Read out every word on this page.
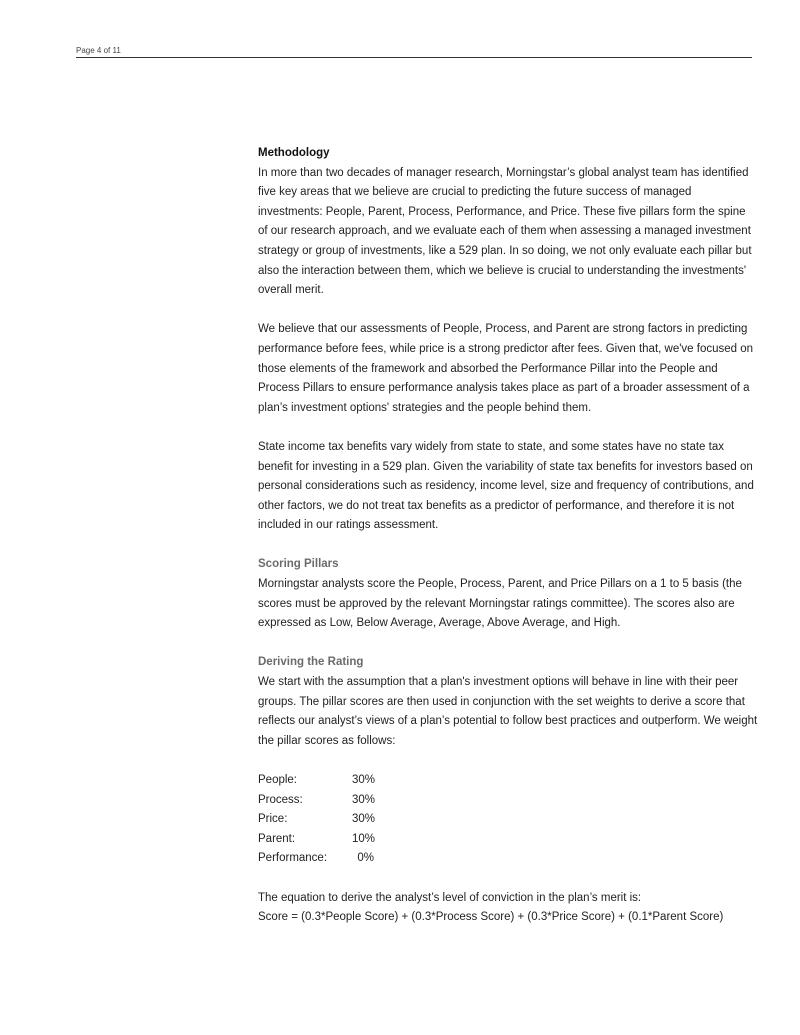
Page 4 of 11
Methodology

In more than two decades of manager research, Morningstar’s global analyst team has identified five key areas that we believe are crucial to predicting the future success of managed investments: People, Parent, Process, Performance, and Price. These five pillars form the spine of our research approach, and we evaluate each of them when assessing a managed investment strategy or group of investments, like a 529 plan. In so doing, we not only evaluate each pillar but also the interaction between them, which we believe is crucial to understanding the investments' overall merit.

We believe that our assessments of People, Process, and Parent are strong factors in predicting performance before fees, while price is a strong predictor after fees. Given that, we've focused on those elements of the framework and absorbed the Performance Pillar into the People and Process Pillars to ensure performance analysis takes place as part of a broader assessment of a plan’s investment options' strategies and the people behind them.

State income tax benefits vary widely from state to state, and some states have no state tax benefit for investing in a 529 plan. Given the variability of state tax benefits for investors based on personal considerations such as residency, income level, size and frequency of contributions, and other factors, we do not treat tax benefits as a predictor of performance, and therefore it is not included in our ratings assessment.

Scoring Pillars

Morningstar analysts score the People, Process, Parent, and Price Pillars on a 1 to 5 basis (the scores must be approved by the relevant Morningstar ratings committee). The scores also are expressed as Low, Below Average, Average, Above Average, and High.

Deriving the Rating

We start with the assumption that a plan's investment options will behave in line with their peer groups. The pillar scores are then used in conjunction with the set weights to derive a score that reflects our analyst’s views of a plan’s potential to follow best practices and outperform. We weight the pillar scores as follows:

People:	30%
Process:	30%
Price:	30%
Parent:	10%
Performance:	0%

The equation to derive the analyst’s level of conviction in the plan’s merit is:

Score = (0.3*People Score) + (0.3*Process Score) + (0.3*Price Score) + (0.1*Parent Score)
